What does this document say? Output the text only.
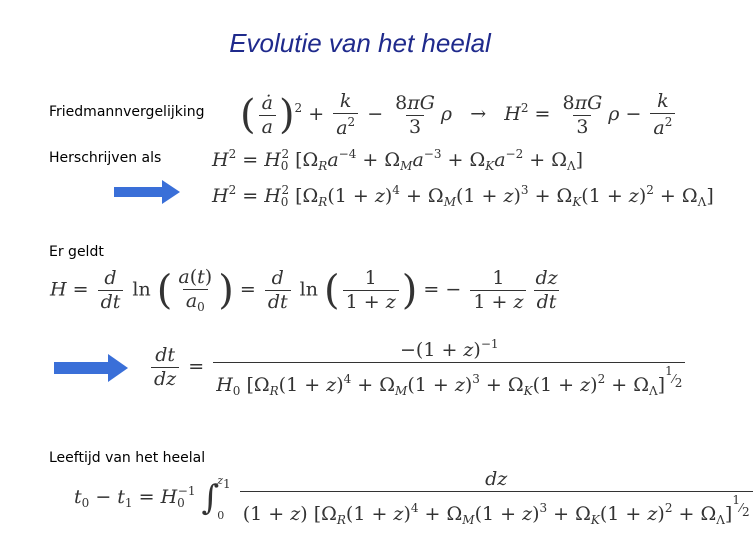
Evolutie van het heelal
Friedmannvergelijking
Herschrijven als
Er geldt
Leeftijd van het heelal
( $\frac{ȧ}{a} )^2 + \frac{k}{a^2} - \frac{8\pi G}{3}$ $\rho \to H^2 = \frac{8\pi G}{3}$ $\rho - \frac{k}{a^2}$
$H^2 = H_0^2$ $[\Omega_Ra^{-4} + \Omega_Ma^{-3} + \Omega_Ka^{-2} + \Omega_\Lambda]$
$H^2 = H_0^2$ $[\Omega_R(1 + z)^4 + \Omega_M(1 + z)^3 + \Omega_K(1 + z)^2 + \Omega_\Lambda]$
$H = \frac{d}{dt}$ ln ( $\frac{a(t)}{a_0}$ ) = $\frac{d}{dt}$ ln ( $\frac{1}{1 + z}$ ) = − $\frac{1}{1 + z} \frac{dz}{dt}$
$\frac{dt}{dz} = \frac{-(1 + z)^{-1}}{H_0 [\Omega_R(1 + z)^4 + \Omega_M(1 + z)^3 + \Omega_K(1 + z)^2 + \Omega_\Lambda]^{^1⁄_2}}$
$t_0 - t_1 = H_0^{-1}$ ∫
$z_1$
0
$\frac{dz}{(1 + z) [\Omega_R(1 + z)^4 + \Omega_M(1 + z)^3 + \Omega_K(1 + z)^2 + \Omega_\Lambda]^{^1⁄_2}}$
